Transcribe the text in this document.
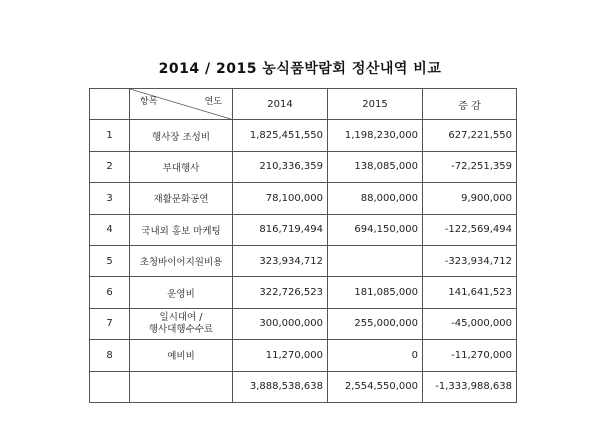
2014 / 2015 농식품박람회 정산내역 비교

	항목 연도	2014	2015	증 감
1	행사장 조성비	1,825,451,550	1,198,230,000	627,221,550
2	부대행사	210,336,359	138,085,000	-72,251,359
3	재활문화공연	78,100,000	88,000,000	9,900,000
4	국내외 홍보 마케팅	816,719,494	694,150,000	-122,569,494
5	초청바이어지원비용	323,934,712		-323,934,712
6	운영비	322,726,523	181,085,000	141,641,523
7	일시대여 /
행사대행수수료	300,000,000	255,000,000	-45,000,000
8	예비비	11,270,000	0	-11,270,000
		3,888,538,638	2,554,550,000	-1,333,988,638
